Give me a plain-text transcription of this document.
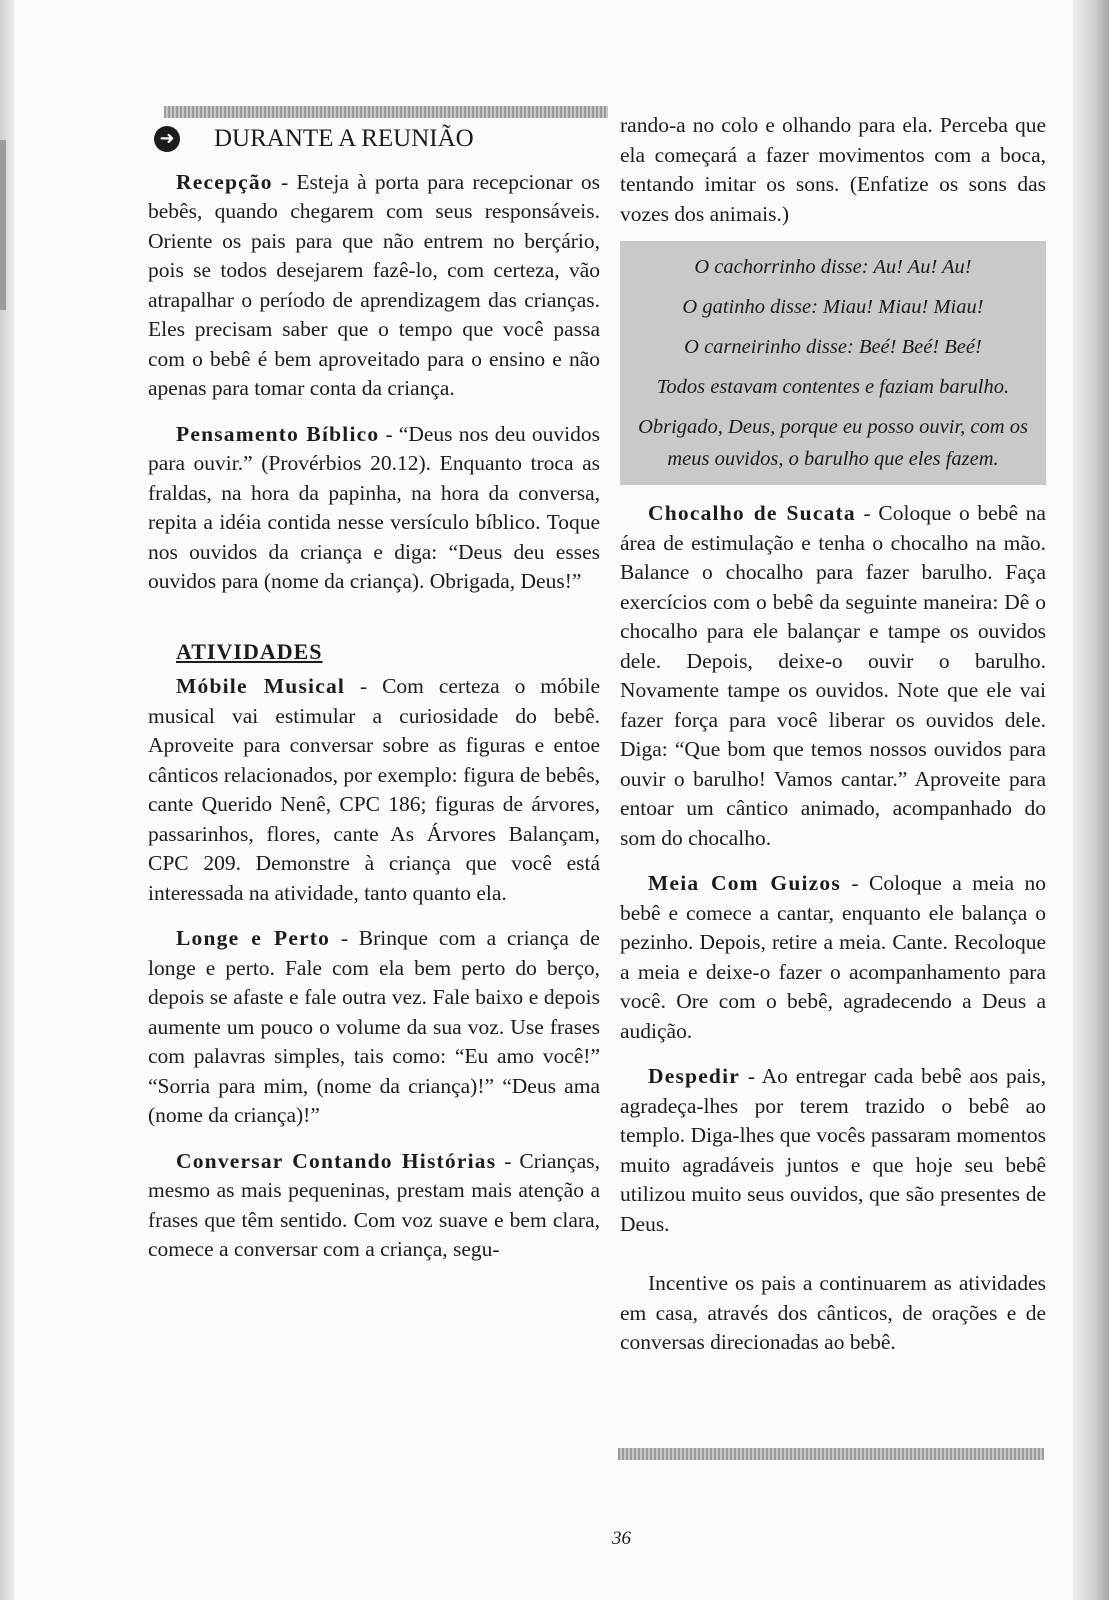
➜ DURANTE A REUNIÃO

Recepção - Esteja à porta para recepcionar os bebês, quando chegarem com seus responsáveis. Oriente os pais para que não entrem no berçário, pois se todos desejarem fazê-lo, com certeza, vão atrapalhar o período de aprendizagem das crianças. Eles precisam saber que o tempo que você passa com o bebê é bem aproveitado para o ensino e não apenas para tomar conta da criança.

Pensamento Bíblico - “Deus nos deu ouvidos para ouvir.” (Provérbios 20.12). Enquanto troca as fraldas, na hora da papinha, na hora da conversa, repita a idéia contida nesse versículo bíblico. Toque nos ouvidos da criança e diga: “Deus deu esses ouvidos para (nome da criança). Obrigada, Deus!”

ATIVIDADES

Móbile Musical - Com certeza o móbile musical vai estimular a curiosidade do bebê. Aproveite para conversar sobre as figuras e entoe cânticos relacionados, por exemplo: figura de bebês, cante Querido Nenê, CPC 186; figuras de árvores, passarinhos, flores, cante As Árvores Balançam, CPC 209. Demonstre à criança que você está interessada na atividade, tanto quanto ela.

Longe e Perto - Brinque com a criança de longe e perto. Fale com ela bem perto do berço, depois se afaste e fale outra vez. Fale baixo e depois aumente um pouco o volume da sua voz. Use frases com palavras simples, tais como: “Eu amo você!” “Sorria para mim, (nome da criança)!” “Deus ama (nome da criança)!”

Conversar Contando Histórias - Crianças, mesmo as mais pequeninas, prestam mais atenção a frases que têm sentido. Com voz suave e bem clara, comece a conversar com a criança, segu-

rando-a no colo e olhando para ela. Perceba que ela começará a fazer movimentos com a boca, tentando imitar os sons. (Enfatize os sons das vozes dos animais.)

O cachorrinho disse: Au! Au! Au!

O gatinho disse: Miau! Miau! Miau!

O carneirinho disse: Beé! Beé! Beé!

Todos estavam contentes e faziam barulho.

Obrigado, Deus, porque eu posso ouvir, com os meus ouvidos, o barulho que eles fazem.

Chocalho de Sucata - Coloque o bebê na área de estimulação e tenha o chocalho na mão. Balance o chocalho para fazer barulho. Faça exercícios com o bebê da seguinte maneira: Dê o chocalho para ele balançar e tampe os ouvidos dele. Depois, deixe-o ouvir o barulho. Novamente tampe os ouvidos. Note que ele vai fazer força para você liberar os ouvidos dele. Diga: “Que bom que temos nossos ouvidos para ouvir o barulho! Vamos cantar.” Aproveite para entoar um cântico animado, acompanhado do som do chocalho.

Meia Com Guizos - Coloque a meia no bebê e comece a cantar, enquanto ele balança o pezinho. Depois, retire a meia. Cante. Recoloque a meia e deixe-o fazer o acompanhamento para você. Ore com o bebê, agradecendo a Deus a audição.

Despedir - Ao entregar cada bebê aos pais, agradeça-lhes por terem trazido o bebê ao templo. Diga-lhes que vocês passaram momentos muito agradáveis juntos e que hoje seu bebê utilizou muito seus ouvidos, que são presentes de Deus.

Incentive os pais a continuarem as atividades em casa, através dos cânticos, de orações e de conversas direcionadas ao bebê.

36
